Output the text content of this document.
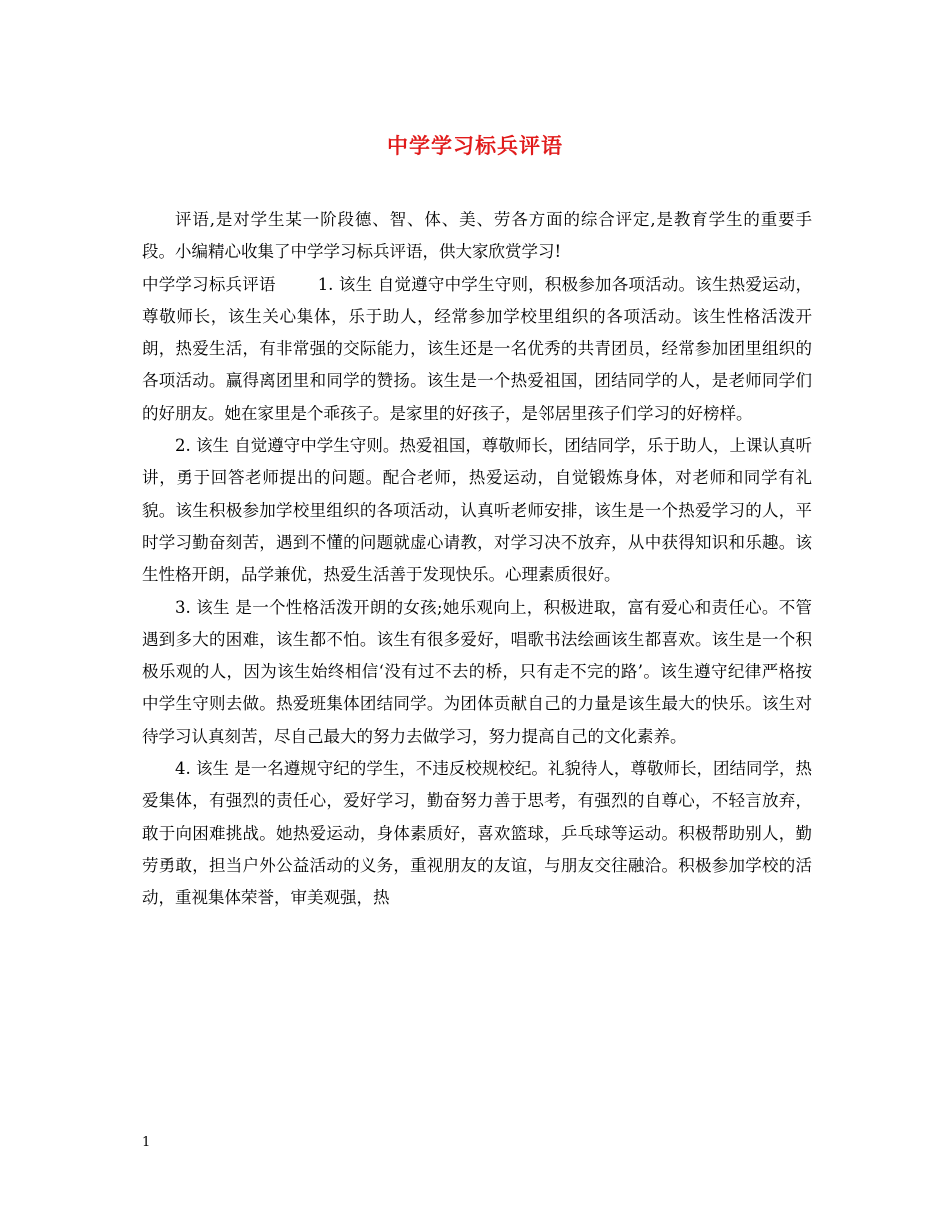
中学学习标兵评语

评语,是对学生某一阶段德、智、体、美、劳各方面的综合评定,是教育学生的重要手段。小编精心收集了中学学习标兵评语，供大家欣赏学习!

中学学习标兵评语	1. 该生 自觉遵守中学生守则，积极参加各项活动。该生热爱运动，尊敬师长，该生关心集体，乐于助人，经常参加学校里组织的各项活动。该生性格活泼开朗，热爱生活，有非常强的交际能力，该生还是一名优秀的共青团员，经常参加团里组织的各项活动。赢得离团里和同学的赞扬。该生是一个热爱祖国，团结同学的人，是老师同学们的好朋友。她在家里是个乖孩子。是家里的好孩子，是邻居里孩子们学习的好榜样。

2. 该生 自觉遵守中学生守则。热爱祖国，尊敬师长，团结同学，乐于助人，上课认真听讲，勇于回答老师提出的问题。配合老师，热爱运动，自觉锻炼身体，对老师和同学有礼貌。该生积极参加学校里组织的各项活动，认真听老师安排，该生是一个热爱学习的人，平时学习勤奋刻苦，遇到不懂的问题就虚心请教，对学习决不放弃，从中获得知识和乐趣。该生性格开朗，品学兼优，热爱生活善于发现快乐。心理素质很好。

3. 该生 是一个性格活泼开朗的女孩;她乐观向上，积极进取，富有爱心和责任心。不管遇到多大的困难，该生都不怕。该生有很多爱好，唱歌书法绘画该生都喜欢。该生是一个积极乐观的人，因为该生始终相信‘没有过不去的桥，只有走不完的路’。该生遵守纪律严格按中学生守则去做。热爱班集体团结同学。为团体贡献自己的力量是该生最大的快乐。该生对待学习认真刻苦，尽自己最大的努力去做学习，努力提高自己的文化素养。

4. 该生 是一名遵规守纪的学生，不违反校规校纪。礼貌待人，尊敬师长，团结同学，热爱集体，有强烈的责任心，爱好学习，勤奋努力善于思考，有强烈的自尊心，不轻言放弃，敢于向困难挑战。她热爱运动，身体素质好，喜欢篮球，乒乓球等运动。积极帮助别人，勤劳勇敢，担当户外公益活动的义务，重视朋友的友谊，与朋友交往融洽。积极参加学校的活动，重视集体荣誉，审美观强，热

1
